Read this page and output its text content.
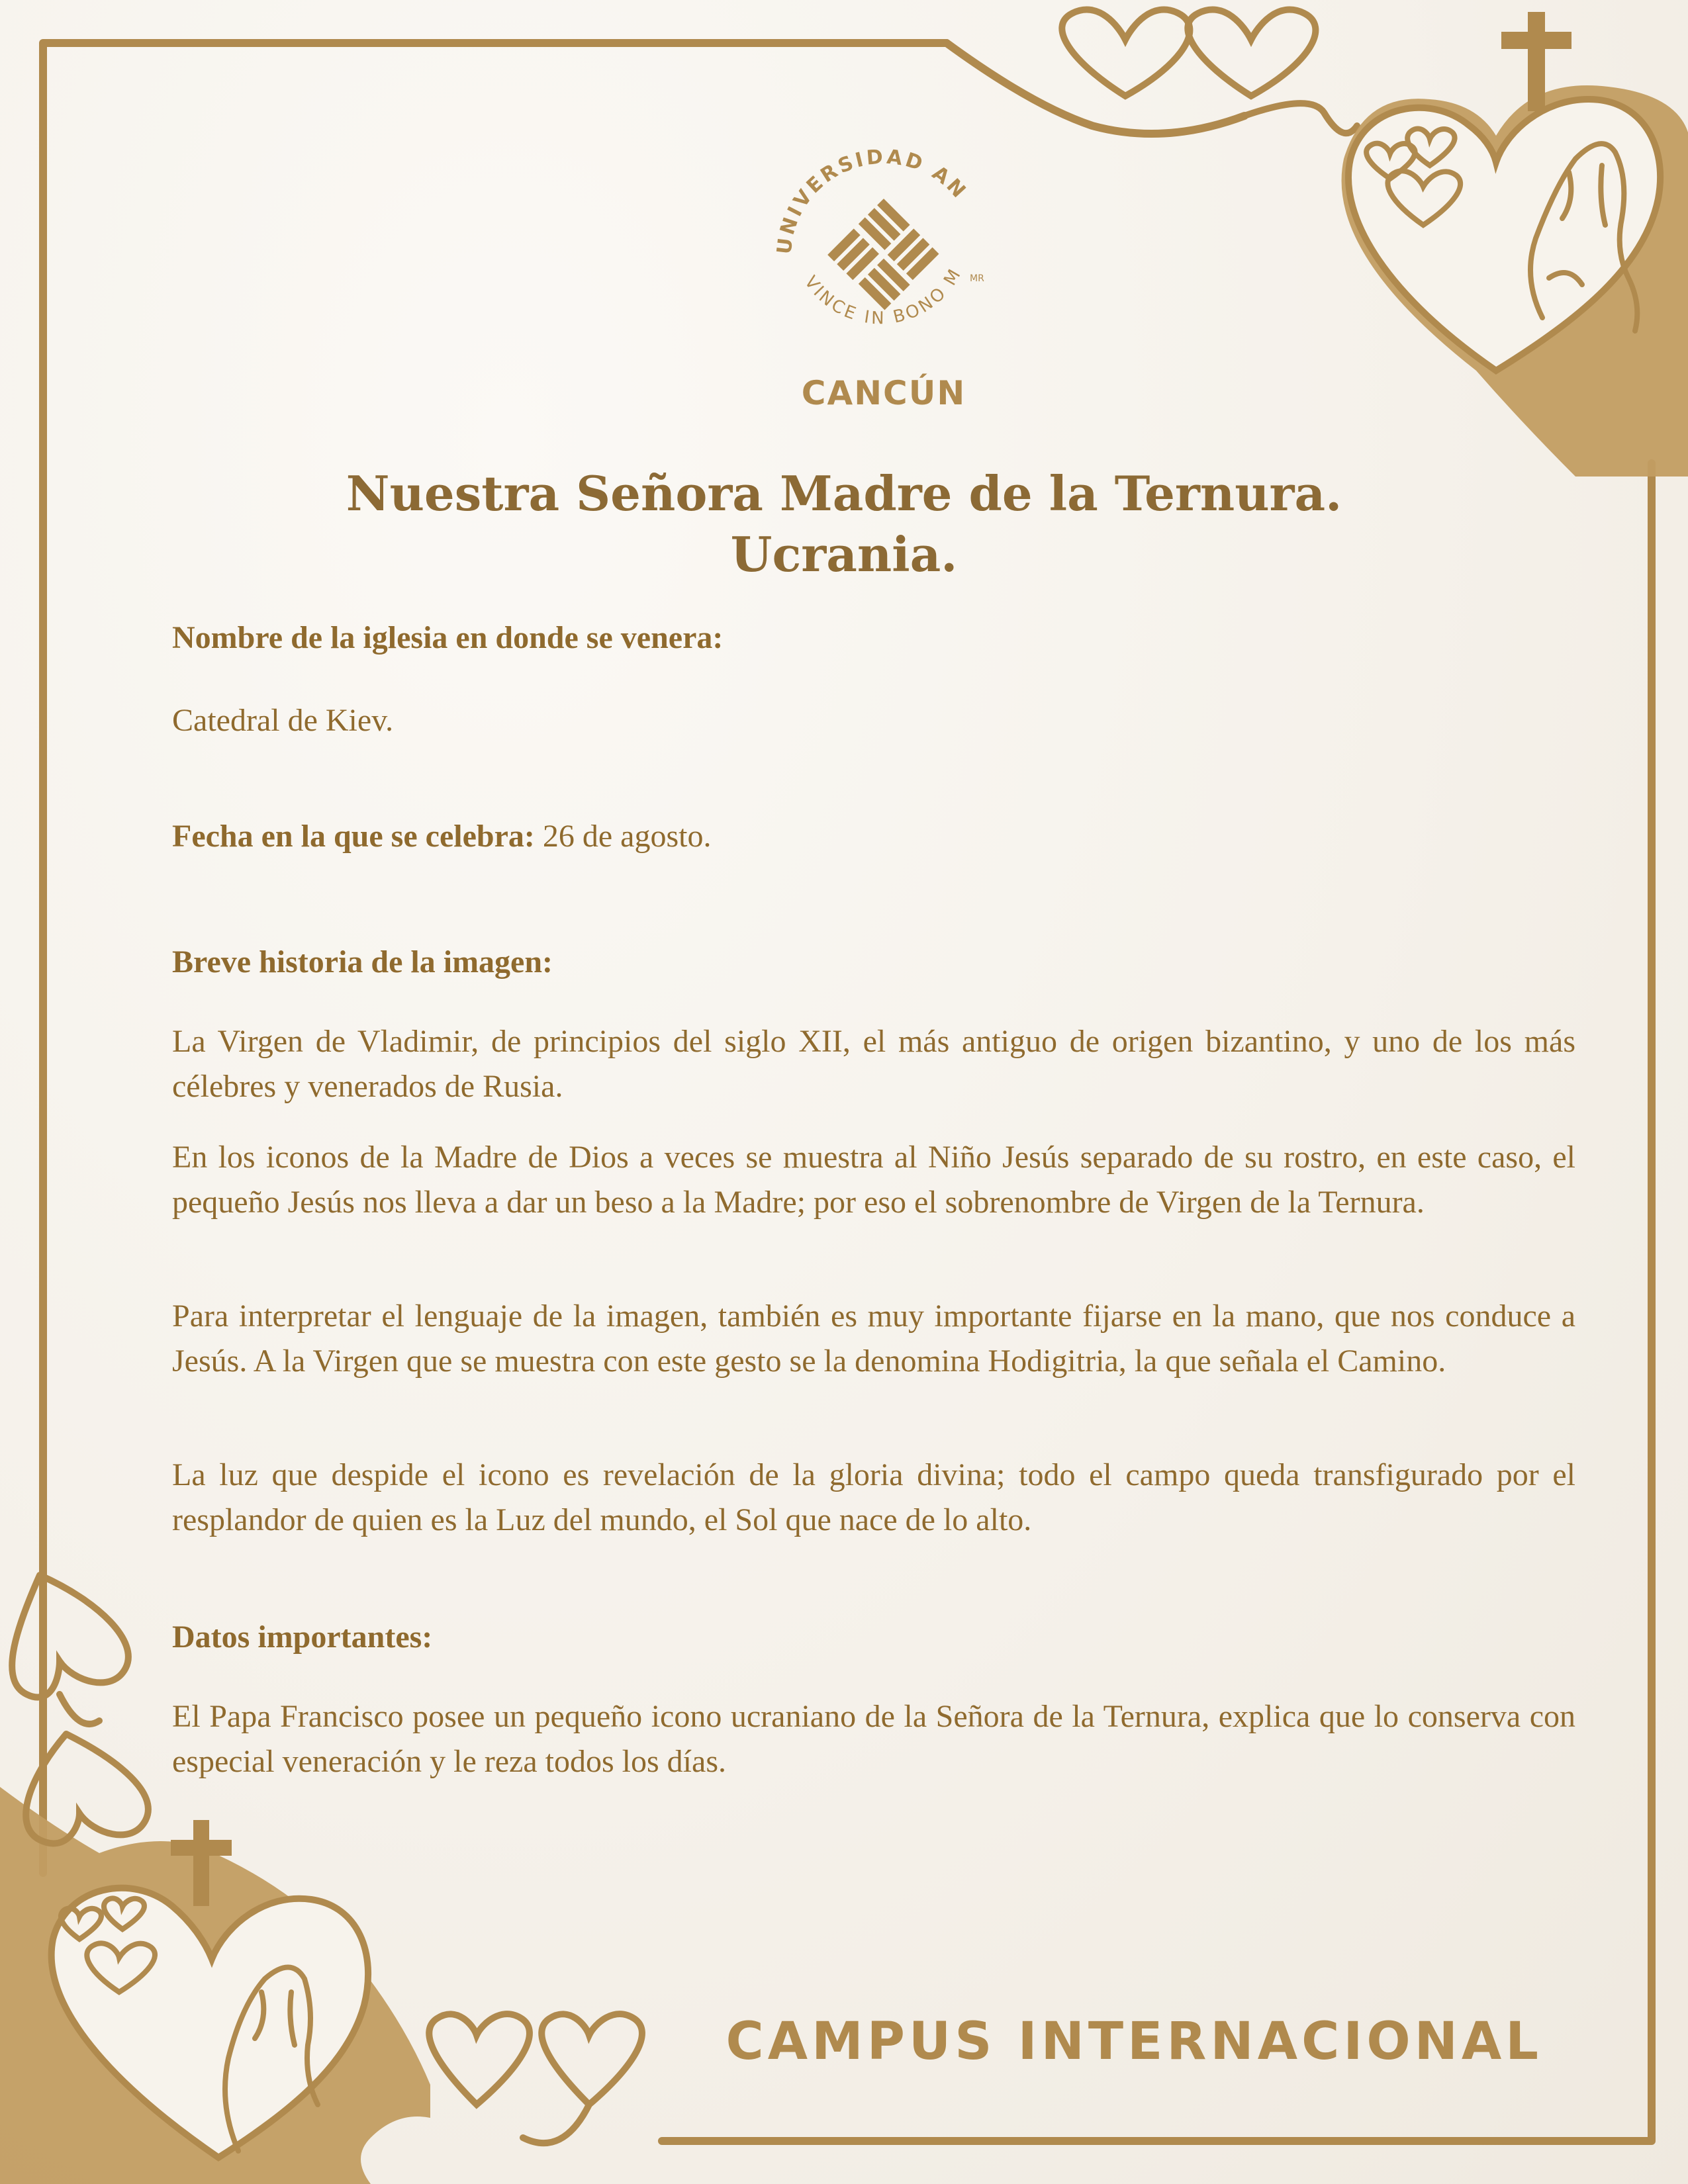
UNIVERSIDAD AN
VINCE IN BONO M MR
CANCÚN
Nuestra Señora Madre de la Ternura.
Ucrania.
Nombre de la iglesia en donde se venera:
Catedral de Kiev.
Fecha en la que se celebra: 26 de agosto.
Breve historia de la imagen:
La Virgen de Vladimir, de principios del siglo XII, el más antiguo de origen bizantino, y uno de los más célebres y venerados de Rusia.
En los iconos de la Madre de Dios a veces se muestra al Niño Jesús separado de su rostro, en este caso, el pequeño Jesús nos lleva a dar un beso a la Madre; por eso el sobrenombre de Virgen de la Ternura.
Para interpretar el lenguaje de la imagen, también es muy importante fijarse en la mano, que nos conduce a Jesús. A la Virgen que se muestra con este gesto se la denomina Hodigitria, la que señala el Camino.
La luz que despide el icono es revelación de la gloria divina; todo el campo queda transfigurado por el resplandor de quien es la Luz del mundo, el Sol que nace de lo alto.
Datos importantes:
El Papa Francisco posee un pequeño icono ucraniano de la Señora de la Ternura, explica que lo conserva con especial veneración y le reza todos los días.
CAMPUS INTERNACIONAL
